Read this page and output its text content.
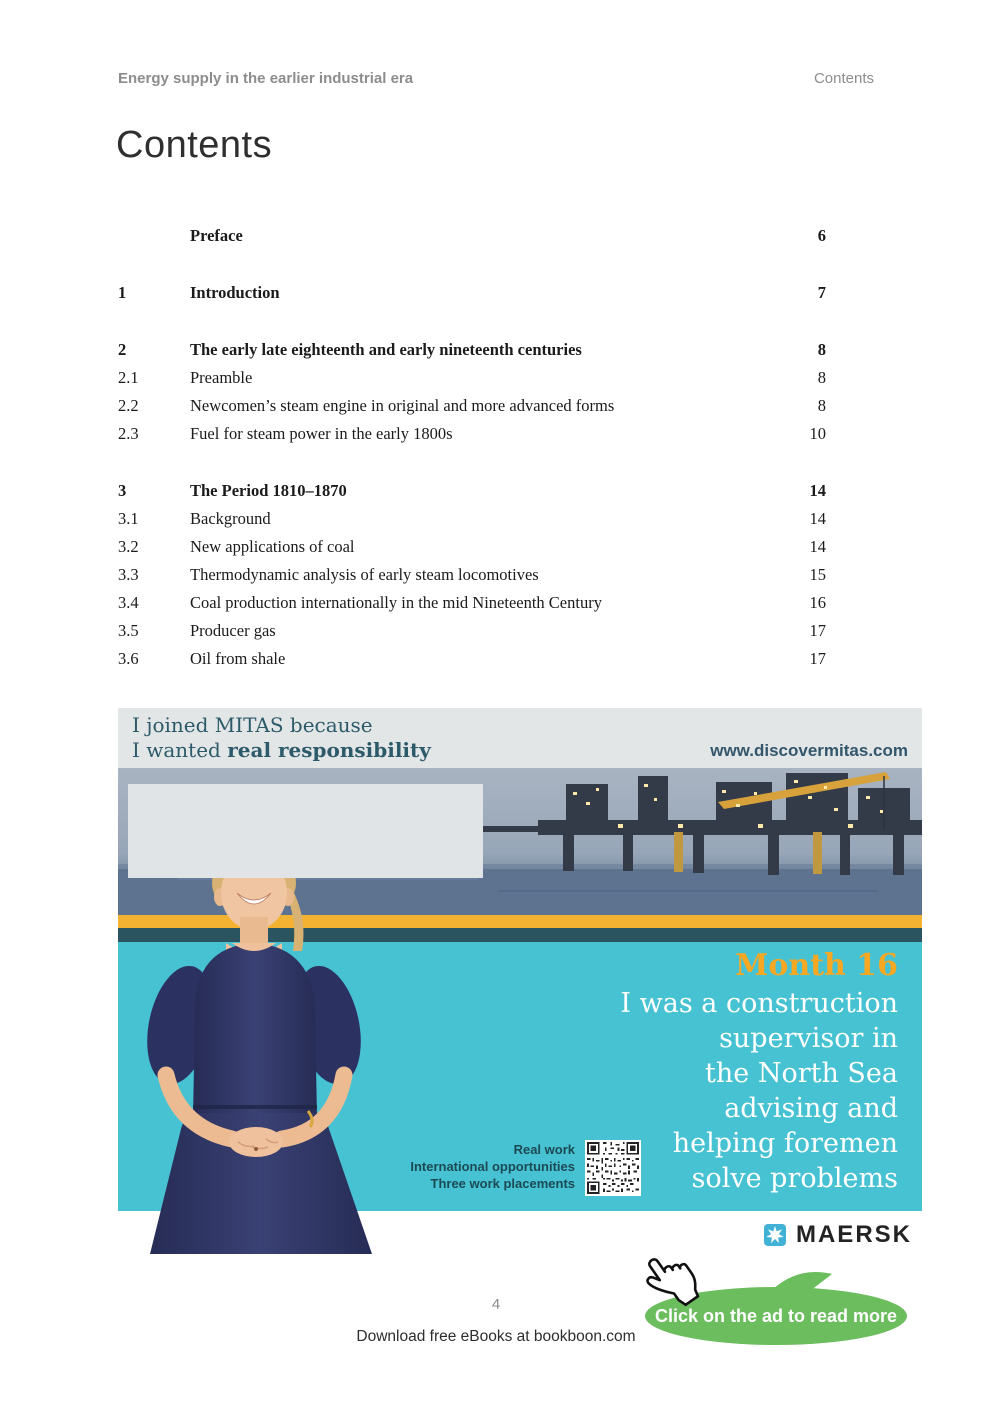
Energy supply in the earlier industrial era	Contents
Contents
Preface	6
1	Introduction	7
2	The early late eighteenth and early nineteenth centuries	8
2.1	Preamble	8
2.2	Newcomen’s steam engine in original and more advanced forms	8
2.3	Fuel for steam power in the early 1800s	10
3	The Period 1810–1870	14
3.1	Background	14
3.2	New applications of coal	14
3.3	Thermodynamic analysis of early steam locomotives	15
3.4	Coal production internationally in the mid Nineteenth Century	16
3.5	Producer gas	17
3.6	Oil from shale	17
I joined MITAS because
I wanted real responsibility	www.discovermitas.com
Month 16
I was a construction
supervisor in
the North Sea
advising and
helping foremen
solve problems
Real work
International opportunities
Three work placements
MAERSK
Click on the ad to read more
4
Download free eBooks at bookboon.com
